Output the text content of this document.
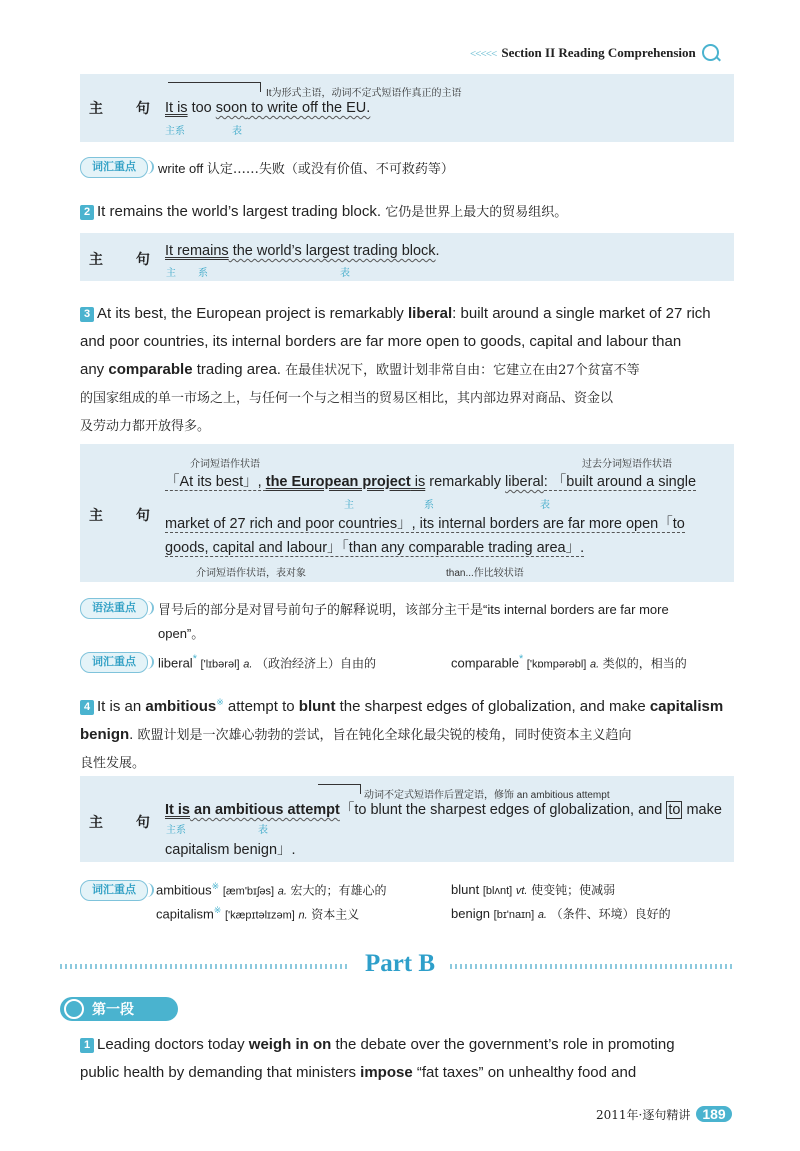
<<<<< Section II Reading Comprehension
主 句
It为形式主语，动词不定式短语作真正的主语
It is too soon to write off the EU.
主系	表
词汇重点	write off 认定……失败（或没有价值、不可救药等）
2 It remains the world’s largest trading block. 它仍是世界上最大的贸易组织。
主 句
It remains the world’s largest trading block.
主 系	表
3 At its best, the European project is remarkably liberal: built around a single market of 27 rich
and poor countries, its internal borders are far more open to goods, capital and labour than
any comparable trading area. 在最佳状况下，欧盟计划非常自由：它建立在由27个贫富不等
的国家组成的单一市场之上，与任何一个与之相当的贸易区相比，其内部边界对商品、资金以
及劳动力都开放得多。
主 句
介词短语作状语	过去分词短语作状语
「At its best」, the European project is remarkably liberal: 「built around a single
主	系	表
market of 27 rich and poor countries」, its internal borders are far more open「to
goods, capital and labour」「than any comparable trading area」.
介词短语作状语，表对象	than...作比较状语
语法重点	冒号后的部分是对冒号前句子的解释说明，该部分主干是“its internal borders are far more
open”。
词汇重点	liberal* ['lɪbərəl] a. （政治经济上）自由的	comparable* ['kɒmpərəbl] a. 类似的，相当的
4 It is an ambitious※ attempt to blunt the sharpest edges of globalization, and make capitalism
benign. 欧盟计划是一次雄心勃勃的尝试，旨在钝化全球化最尖锐的棱角，同时使资本主义趋向
良性发展。
主 句
动词不定式短语作后置定语，修饰 an ambitious attempt
It is an ambitious attempt「to blunt the sharpest edges of globalization, and to make
主系	表
capitalism benign」.
词汇重点	ambitious※ [æm'bɪʃəs] a. 宏大的；有雄心的	blunt [blʌnt] vt. 使变钝；使减弱
capitalism※ ['kæpɪtəlɪzəm] n. 资本主义	benign [bɪ'naɪn] a. （条件、环境）良好的
Part B
第一段
1 Leading doctors today weigh in on the debate over the government’s role in promoting
public health by demanding that ministers impose “fat taxes” on unhealthy food and
2011年·逐句精讲 189
